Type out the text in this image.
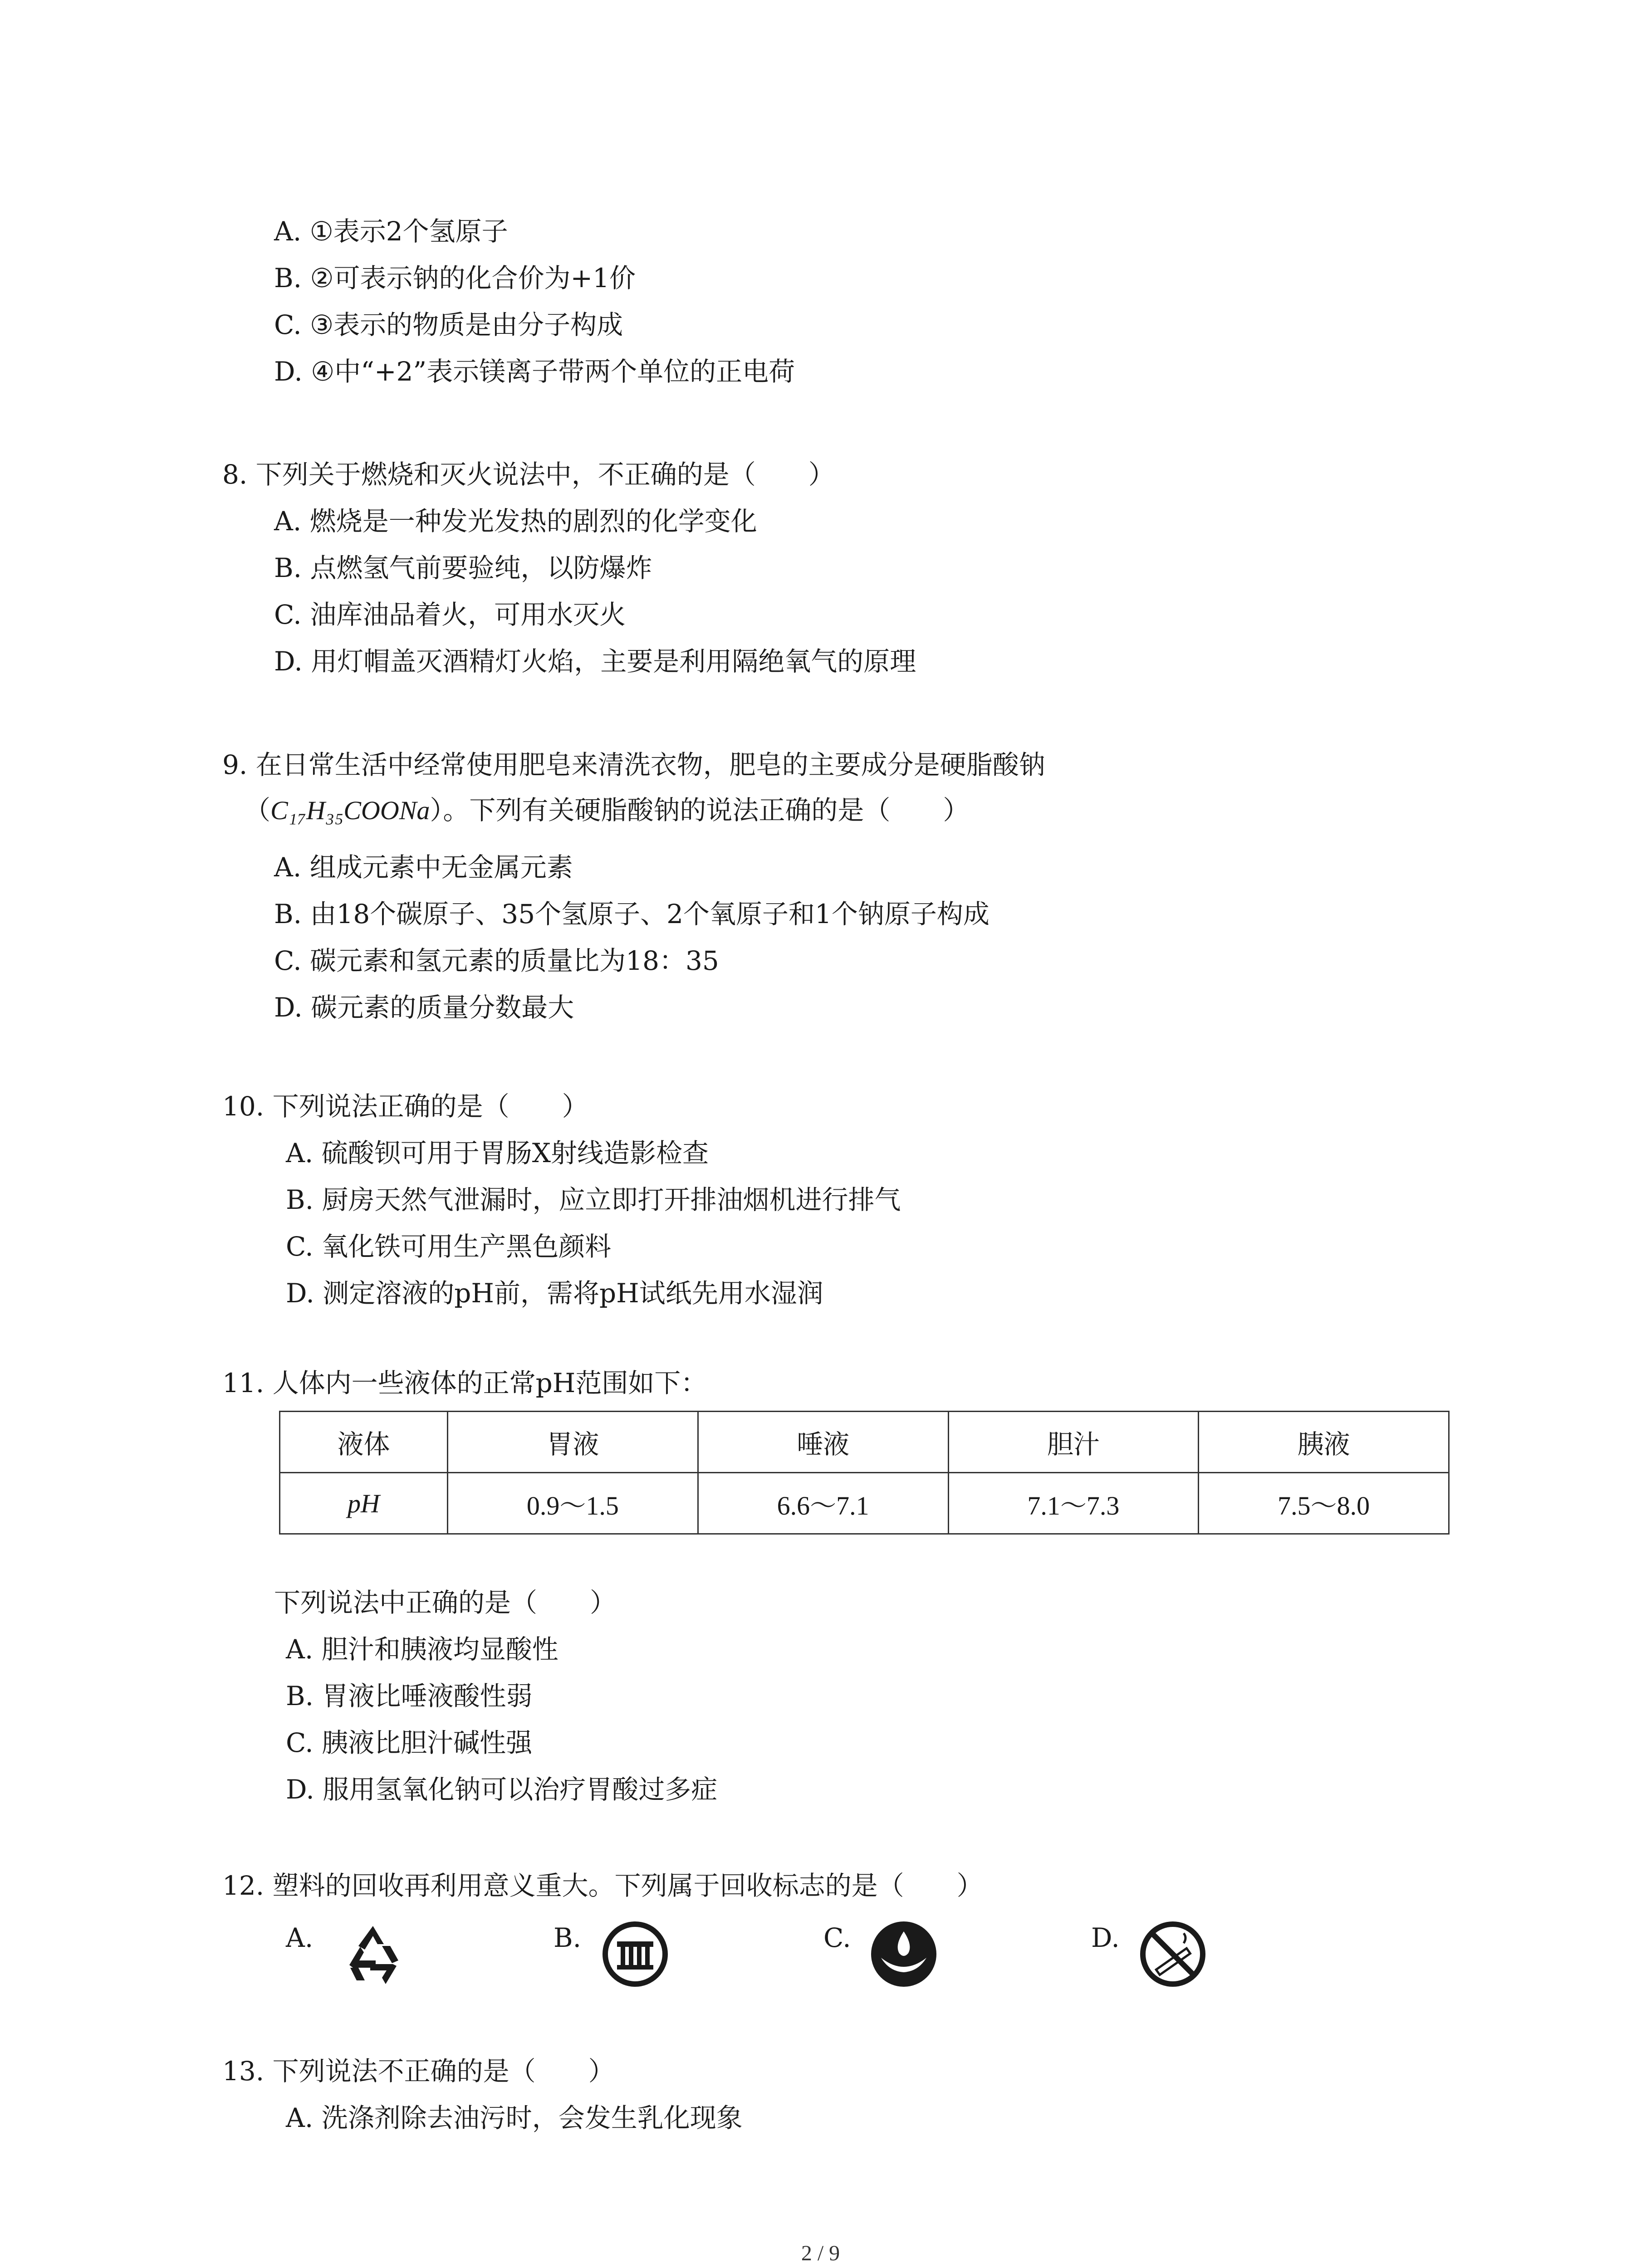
A. ①表示2个氢原子
B. ②可表示钠的化合价为+1价
C. ③表示的物质是由分子构成
D. ④中“+2”表示镁离子带两个单位的正电荷
8. 下列关于燃烧和灭火说法中，不正确的是（　　）
A. 燃烧是一种发光发热的剧烈的化学变化
B. 点燃氢气前要验纯，以防爆炸
C. 油库油品着火，可用水灭火
D. 用灯帽盖灭酒精灯火焰，主要是利用隔绝氧气的原理
9. 在日常生活中经常使用肥皂来清洗衣物，肥皂的主要成分是硬脂酸钠
（C₁₇H₃₅COONa）。下列有关硬脂酸钠的说法正确的是（　　）
A. 组成元素中无金属元素
B. 由18个碳原子、35个氢原子、2个氧原子和1个钠原子构成
C. 碳元素和氢元素的质量比为18：35
D. 碳元素的质量分数最大
10. 下列说法正确的是（　　）
A. 硫酸钡可用于胃肠X射线造影检查
B. 厨房天然气泄漏时，应立即打开排油烟机进行排气
C. 氧化铁可用生产黑色颜料
D. 测定溶液的pH前，需将pH试纸先用水湿润
11. 人体内一些液体的正常pH范围如下：
液体	胃液	唾液	胆汁	胰液
pH	0.9～1.5	6.6～7.1	7.1～7.3	7.5～8.0
下列说法中正确的是（　　）
A. 胆汁和胰液均显酸性
B. 胃液比唾液酸性弱
C. 胰液比胆汁碱性强
D. 服用氢氧化钠可以治疗胃酸过多症
12. 塑料的回收再利用意义重大。下列属于回收标志的是（　　）
A.	B.	C.	D.
13. 下列说法不正确的是（　　）
A. 洗涤剂除去油污时，会发生乳化现象
2 / 9
